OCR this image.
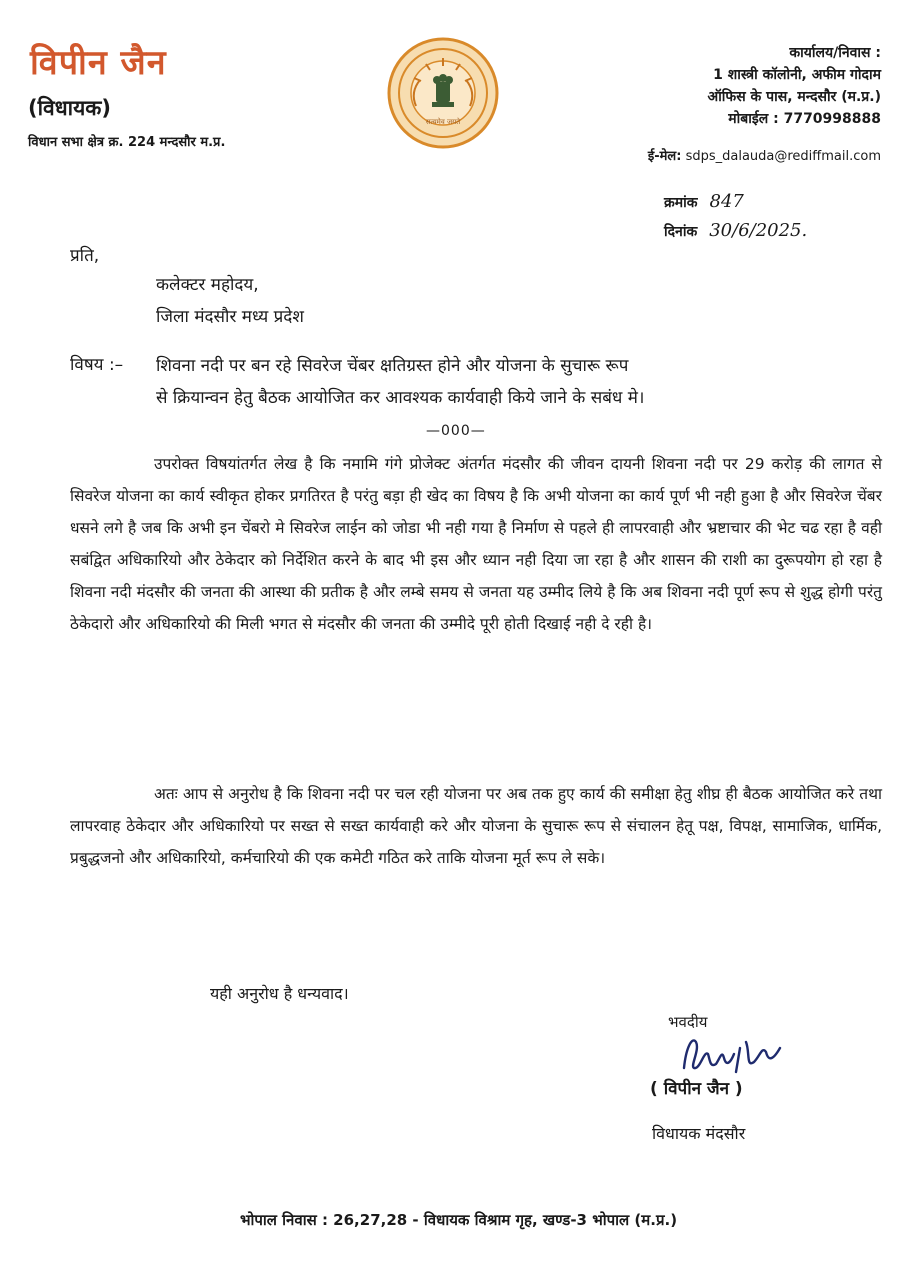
विपीन जैन
(विधायक)
विधान सभा क्षेत्र क्र. 224 मन्दसौर म.प्र.
सत्यमेव जयते
कार्यालय/निवास :
1 शास्त्री कॉलोनी, अफीम गोदाम
ऑफिस के पास, मन्दसौर (म.प्र.)
मोबाईल : 7770998888
ई-मेल: sdps_dalauda@rediffmail.com
क्रमांक 847
दिनांक 30/6/2025.
प्रति,
कलेक्टर महोदय,
जिला मंदसौर मध्य प्रदेश
विषय :– शिवना नदी पर बन रहे सिवरेज चेंबर क्षतिग्रस्त होने और योजना के सुचारू रूप
से क्रियान्वन हेतु बैठक आयोजित कर आवश्यक कार्यवाही किये जाने के सबंध मे।
—000—
उपरोक्त विषयांतर्गत लेख है कि नमामि गंगे प्रोजेक्ट अंतर्गत मंदसौर की जीवन दायनी शिवना नदी पर 29 करोड़ की लागत से सिवरेज योजना का कार्य स्वीकृत होकर प्रगतिरत है परंतु बड़ा ही खेद का विषय है कि अभी योजना का कार्य पूर्ण भी नही हुआ है और सिवरेज चेंबर धसने लगे है जब कि अभी इन चेंबरो मे सिवरेज लाईन को जोडा भी नही गया है निर्माण से पहले ही लापरवाही और भ्रष्टाचार की भेट चढ रहा है वही सबंद्वित अधिकारियो और ठेकेदार को निर्देशित करने के बाद भी इस और ध्यान नही दिया जा रहा है और शासन की राशी का दुरूपयोग हो रहा है शिवना नदी मंदसौर की जनता की आस्था की प्रतीक है और लम्बे समय से जनता यह उम्मीद लिये है कि अब शिवना नदी पूर्ण रूप से शुद्ध होगी परंतु ठेकेदारो और अधिकारियो की मिली भगत से मंदसौर की जनता की उम्मीदे पूरी होती दिखाई नही दे रही है।
अतः आप से अनुरोध है कि शिवना नदी पर चल रही योजना पर अब तक हुए कार्य की समीक्षा हेतु शीघ्र ही बैठक आयोजित करे तथा लापरवाह ठेकेदार और अधिकारियो पर सख्त से सख्त कार्यवाही करे और योजना के सुचारू रूप से संचालन हेतू पक्ष, विपक्ष, सामाजिक, धार्मिक, प्रबुद्धजनो और अधिकारियो, कर्मचारियो की एक कमेटी गठित करे ताकि योजना मूर्त रूप ले सके।
यही अनुरोध है धन्यवाद।
भवदीय
( विपीन जैन )
विधायक मंदसौर
भोपाल निवास : 26,27,28 - विधायक विश्राम गृह, खण्ड-3 भोपाल (म.प्र.)
